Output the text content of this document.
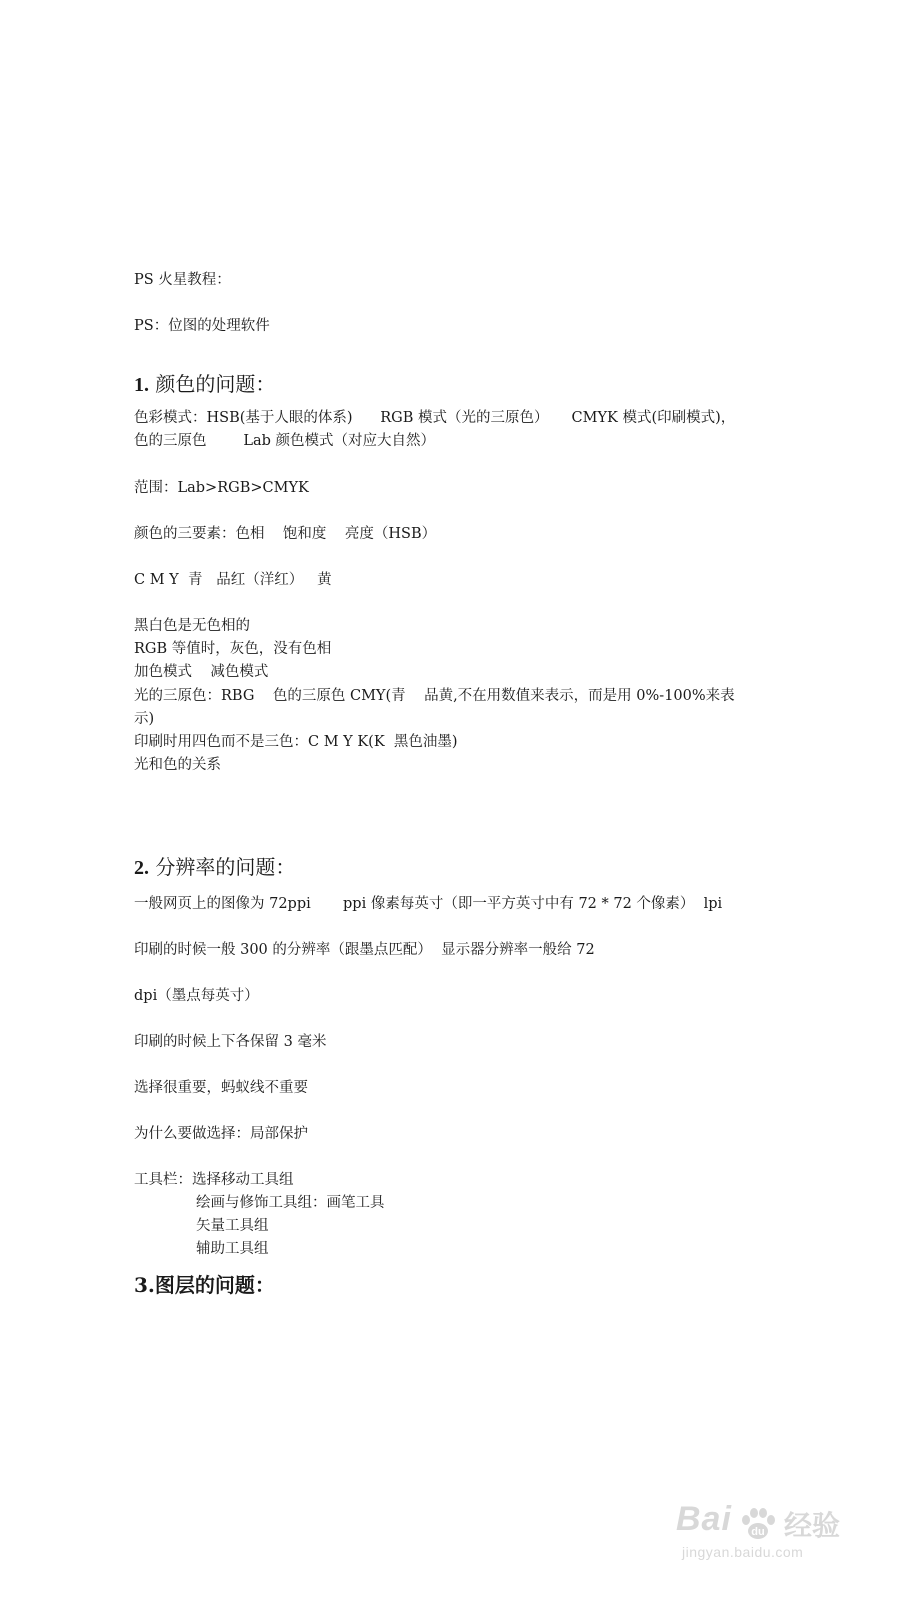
PS 火星教程：
PS：位图的处理软件
1. 颜色的问题：
色彩模式：HSB(基于人眼的体系)      RGB 模式（光的三原色）     CMYK 模式(印刷模式)，
色的三原色        Lab 颜色模式（对应大自然）
范围：Lab>RGB>CMYK
颜色的三要素：色相    饱和度    亮度（HSB）
C M Y  青   品红（洋红）   黄
黑白色是无色相的
RGB 等值时，灰色，没有色相
加色模式    减色模式
光的三原色：RBG    色的三原色 CMY(青    品黄,不在用数值来表示，而是用 0%-100%来表
示)
印刷时用四色而不是三色：C M Y K(K  黑色油墨)
光和色的关系
2. 分辨率的问题：
一般网页上的图像为 72ppi       ppi 像素每英寸（即一平方英寸中有 72 * 72 个像素）  lpi
印刷的时候一般 300 的分辨率（跟墨点匹配）  显示器分辨率一般给 72
dpi（墨点每英寸）
印刷的时候上下各保留 3 毫米
选择很重要，蚂蚁线不重要
为什么要做选择：局部保护
工具栏：选择移动工具组
绘画与修饰工具组：画笔工具
矢量工具组
辅助工具组
3.图层的问题：
Bai du 经验
jingyan.baidu.com
